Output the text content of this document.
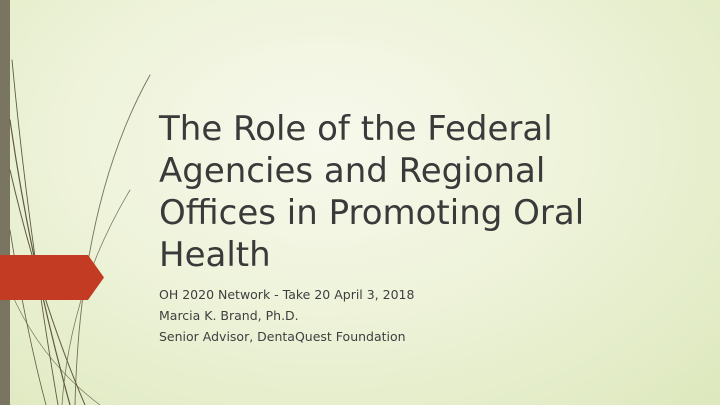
The Role of the Federal Agencies and Regional Offices in Promoting Oral Health
OH 2020 Network - Take 20 April 3, 2018
Marcia K. Brand, Ph.D.
Senior Advisor, DentaQuest Foundation
